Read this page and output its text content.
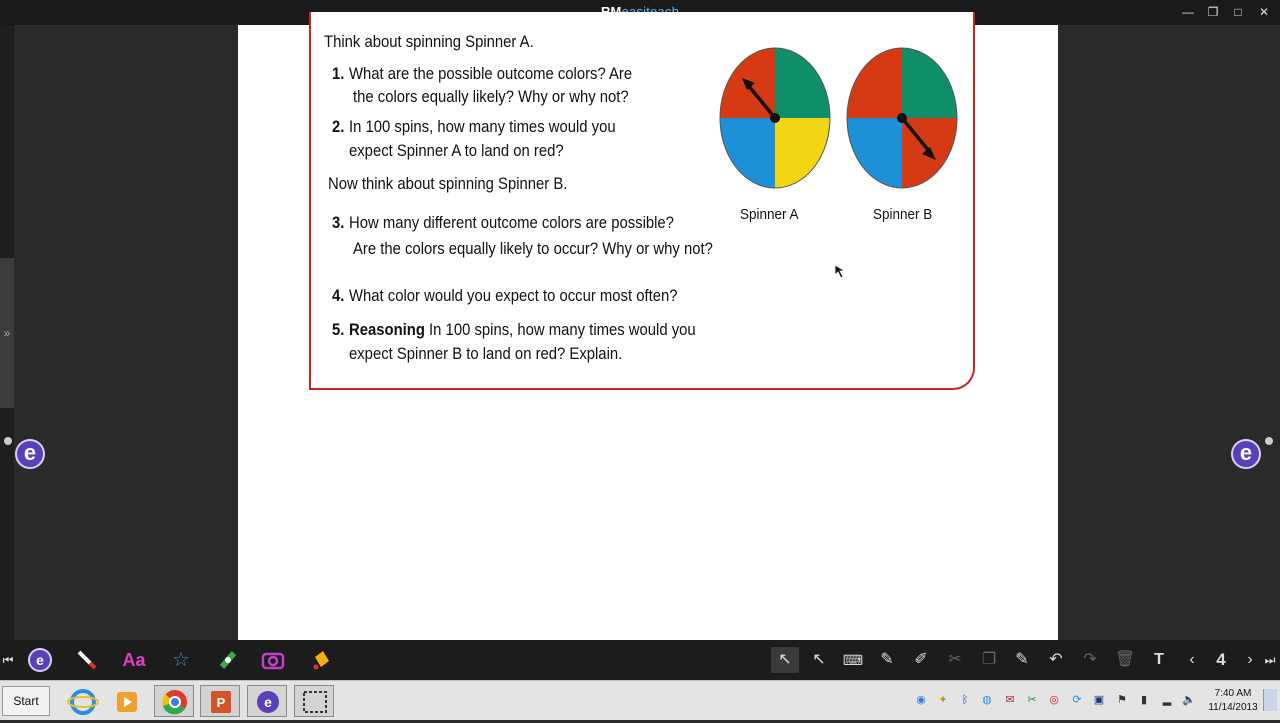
—	❐	□	✕
»
e	e
Think about spinning Spinner A.
1. What are the possible outcome colors? Are
the colors equally likely? Why or why not?
2. In 100 spins, how many times would you
expect Spinner A to land on red?
Now think about spinning Spinner B.
3. How many different outcome colors are possible?
Are the colors equally likely to occur? Why or why not?
4. What color would you expect to occur most often?
5. Reasoning In 100 spins, how many times would you
expect Spinner B to land on red? Explain.
Spinner A	Spinner B
⏮ e	Aa ☆	↖	↖	⌨	✎	✐	✂	❐	✎	↶	↷	🗑	T	‹	4	› ⏭
Start	P	e	◉ ✦	ᛒ	◍ ✉ ✂ ◎ ⟳ ▣ ⚑	▮	▂ 🔈
7:40 AM
11/14/2013
